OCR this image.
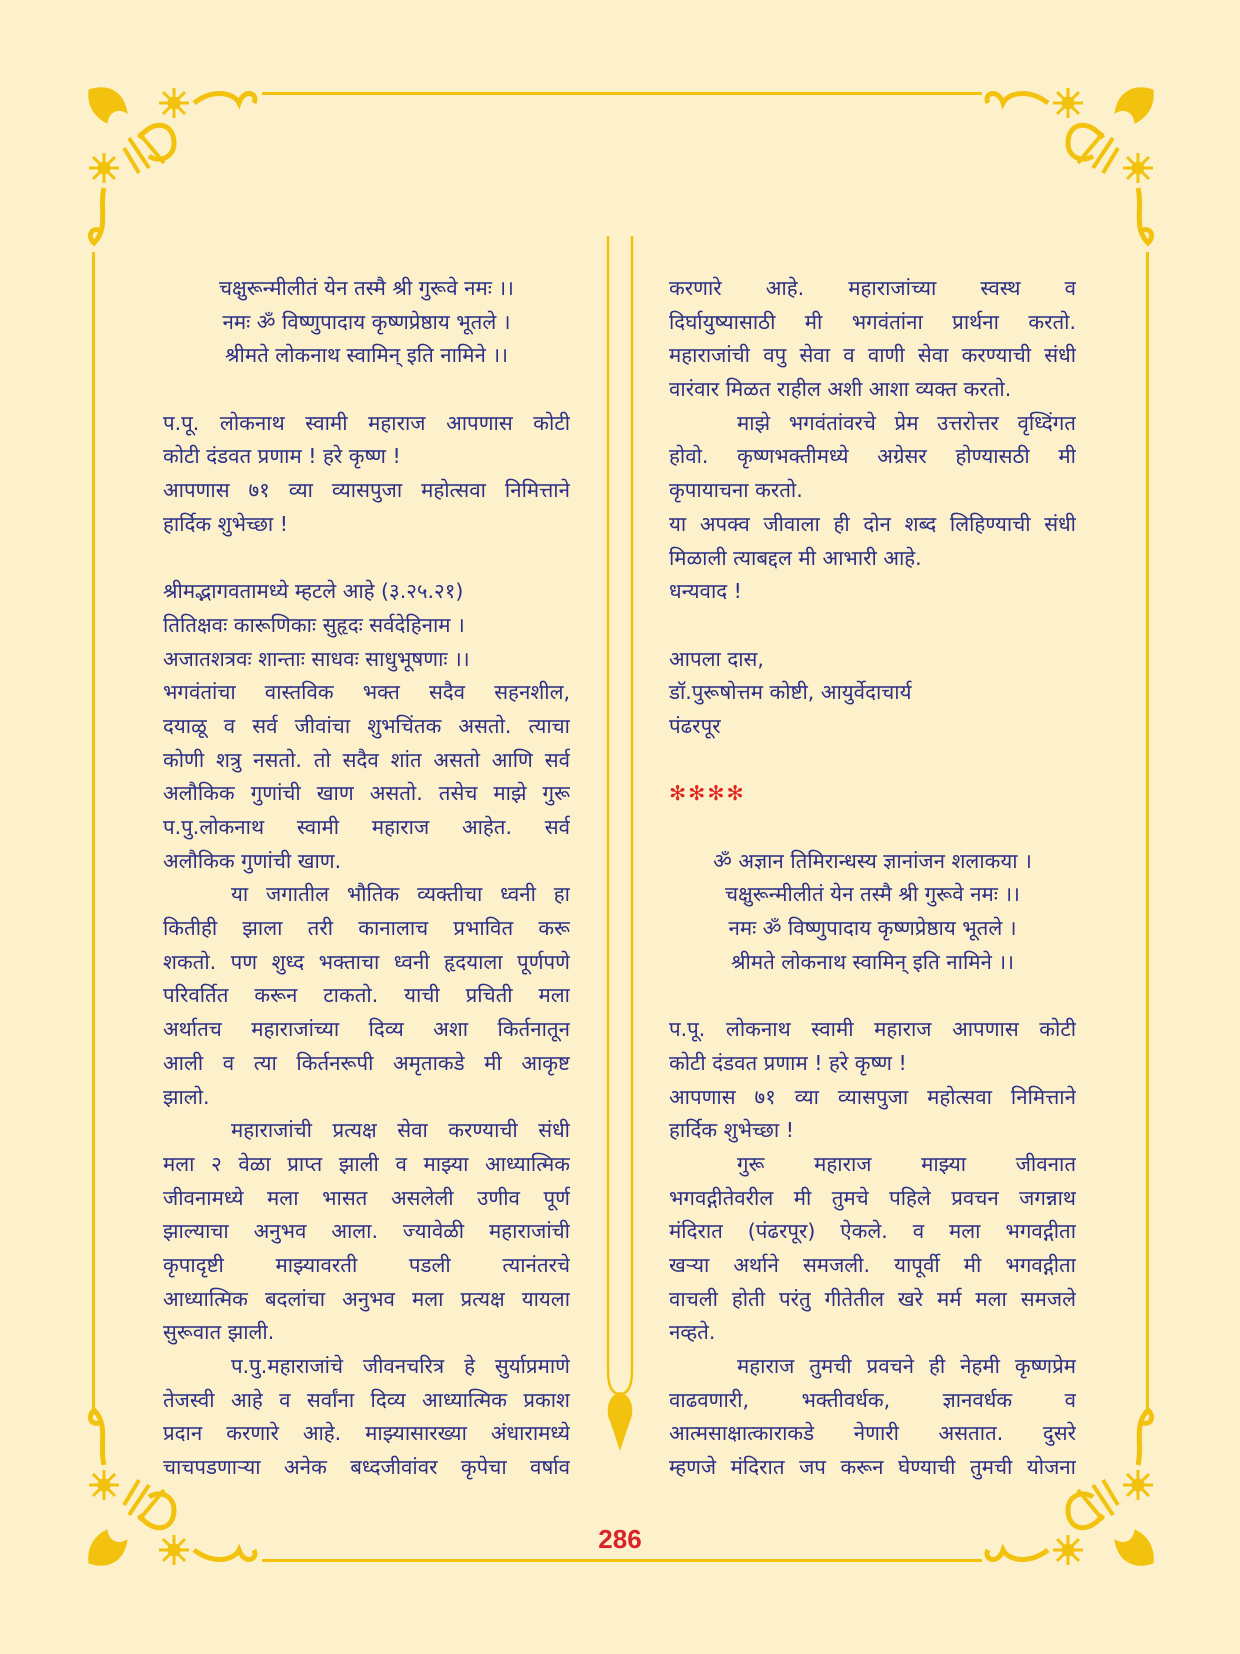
चक्षुरून्मीलीतं येन तस्मै श्री गुरूवे नमः ।।
नमः ॐ विष्णुपादाय कृष्णप्रेष्ठाय भूतले ।
श्रीमते लोकनाथ स्वामिन् इति नामिने ।।
प.पू. लोकनाथ स्वामी महाराज आपणास कोटी
कोटी दंडवत प्रणाम ! हरे कृष्ण !
आपणास ७१ व्या व्यासपुजा महोत्सवा निमित्ताने
हार्दिक शुभेच्छा !
श्रीमद्भागवतामध्ये म्हटले आहे (३.२५.२१)
तितिक्षवः कारूणिकाः सुहृदः सर्वदेहिनाम ।
अजातशत्रवः शान्ताः साधवः साधुभूषणाः ।।
भगवंतांचा वास्तविक भक्त सदैव सहनशील,
दयाळू व सर्व जीवांचा शुभचिंतक असतो. त्याचा
कोणी शत्रु नसतो. तो सदैव शांत असतो आणि सर्व
अलौकिक गुणांची खाण असतो. तसेच माझे गुरू
प.पु.लोकनाथ स्वामी महाराज आहेत. सर्व
अलौकिक गुणांची खाण.
या जगातील भौतिक व्यक्तीचा ध्वनी हा
कितीही झाला तरी कानालाच प्रभावित करू
शकतो. पण शुध्द भक्ताचा ध्वनी हृदयाला पूर्णपणे
परिवर्तित करून टाकतो. याची प्रचिती मला
अर्थातच महाराजांच्या दिव्य अशा किर्तनातून
आली व त्या किर्तनरूपी अमृताकडे मी आकृष्ट
झालो.
महाराजांची प्रत्यक्ष सेवा करण्याची संधी
मला २ वेळा प्राप्त झाली व माझ्या आध्यात्मिक
जीवनामध्ये मला भासत असलेली उणीव पूर्ण
झाल्याचा अनुभव आला. ज्यावेळी महाराजांची
कृपादृष्टी माझ्यावरती पडली त्यानंतरचे
आध्यात्मिक बदलांचा अनुभव मला प्रत्यक्ष यायला
सुरूवात झाली.
प.पु.महाराजांचे जीवनचरित्र हे सुर्याप्रमाणे
तेजस्वी आहे व सर्वांना दिव्य आध्यात्मिक प्रकाश
प्रदान करणारे आहे. माझ्यासारख्या अंधारामध्ये
चाचपडणाऱ्या अनेक बध्दजीवांवर कृपेचा वर्षाव
करणारे आहे. महाराजांच्या स्वस्थ व
दिर्घायुष्यासाठी मी भगवंतांना प्रार्थना करतो.
महाराजांची वपु सेवा व वाणी सेवा करण्याची संधी
वारंवार मिळत राहील अशी आशा व्यक्त करतो.
माझे भगवंतांवरचे प्रेम उत्तरोत्तर वृध्दिंगत
होवो. कृष्णभक्तीमध्ये अग्रेसर होण्यासठी मी
कृपायाचना करतो.
या अपक्व जीवाला ही दोन शब्द लिहिण्याची संधी
मिळाली त्याबद्दल मी आभारी आहे.
धन्यवाद !
आपला दास,
डॉ.पुरूषोत्तम कोष्टी, आयुर्वेदाचार्य
पंढरपूर
✻✻✻✻
ॐ अज्ञान तिमिरान्धस्य ज्ञानांजन शलाकया ।
चक्षुरून्मीलीतं येन तस्मै श्री गुरूवे नमः ।।
नमः ॐ विष्णुपादाय कृष्णप्रेष्ठाय भूतले ।
श्रीमते लोकनाथ स्वामिन् इति नामिने ।।
प.पू. लोकनाथ स्वामी महाराज आपणास कोटी
कोटी दंडवत प्रणाम ! हरे कृष्ण !
आपणास ७१ व्या व्यासपुजा महोत्सवा निमित्ताने
हार्दिक शुभेच्छा !
गुरू महाराज माझ्या जीवनात
भगवद्गीतेवरील मी तुमचे पहिले प्रवचन जगन्नाथ
मंदिरात (पंढरपूर) ऐकले. व मला भगवद्गीता
खऱ्या अर्थाने समजली. यापूर्वी मी भगवद्गीता
वाचली होती परंतु गीतेतील खरे मर्म मला समजले
नव्हते.
महाराज तुमची प्रवचने ही नेहमी कृष्णप्रेम
वाढवणारी, भक्तीवर्धक, ज्ञानवर्धक व
आत्मसाक्षात्काराकडे नेणारी असतात. दुसरे
म्हणजे मंदिरात जप करून घेण्याची तुमची योजना
286
